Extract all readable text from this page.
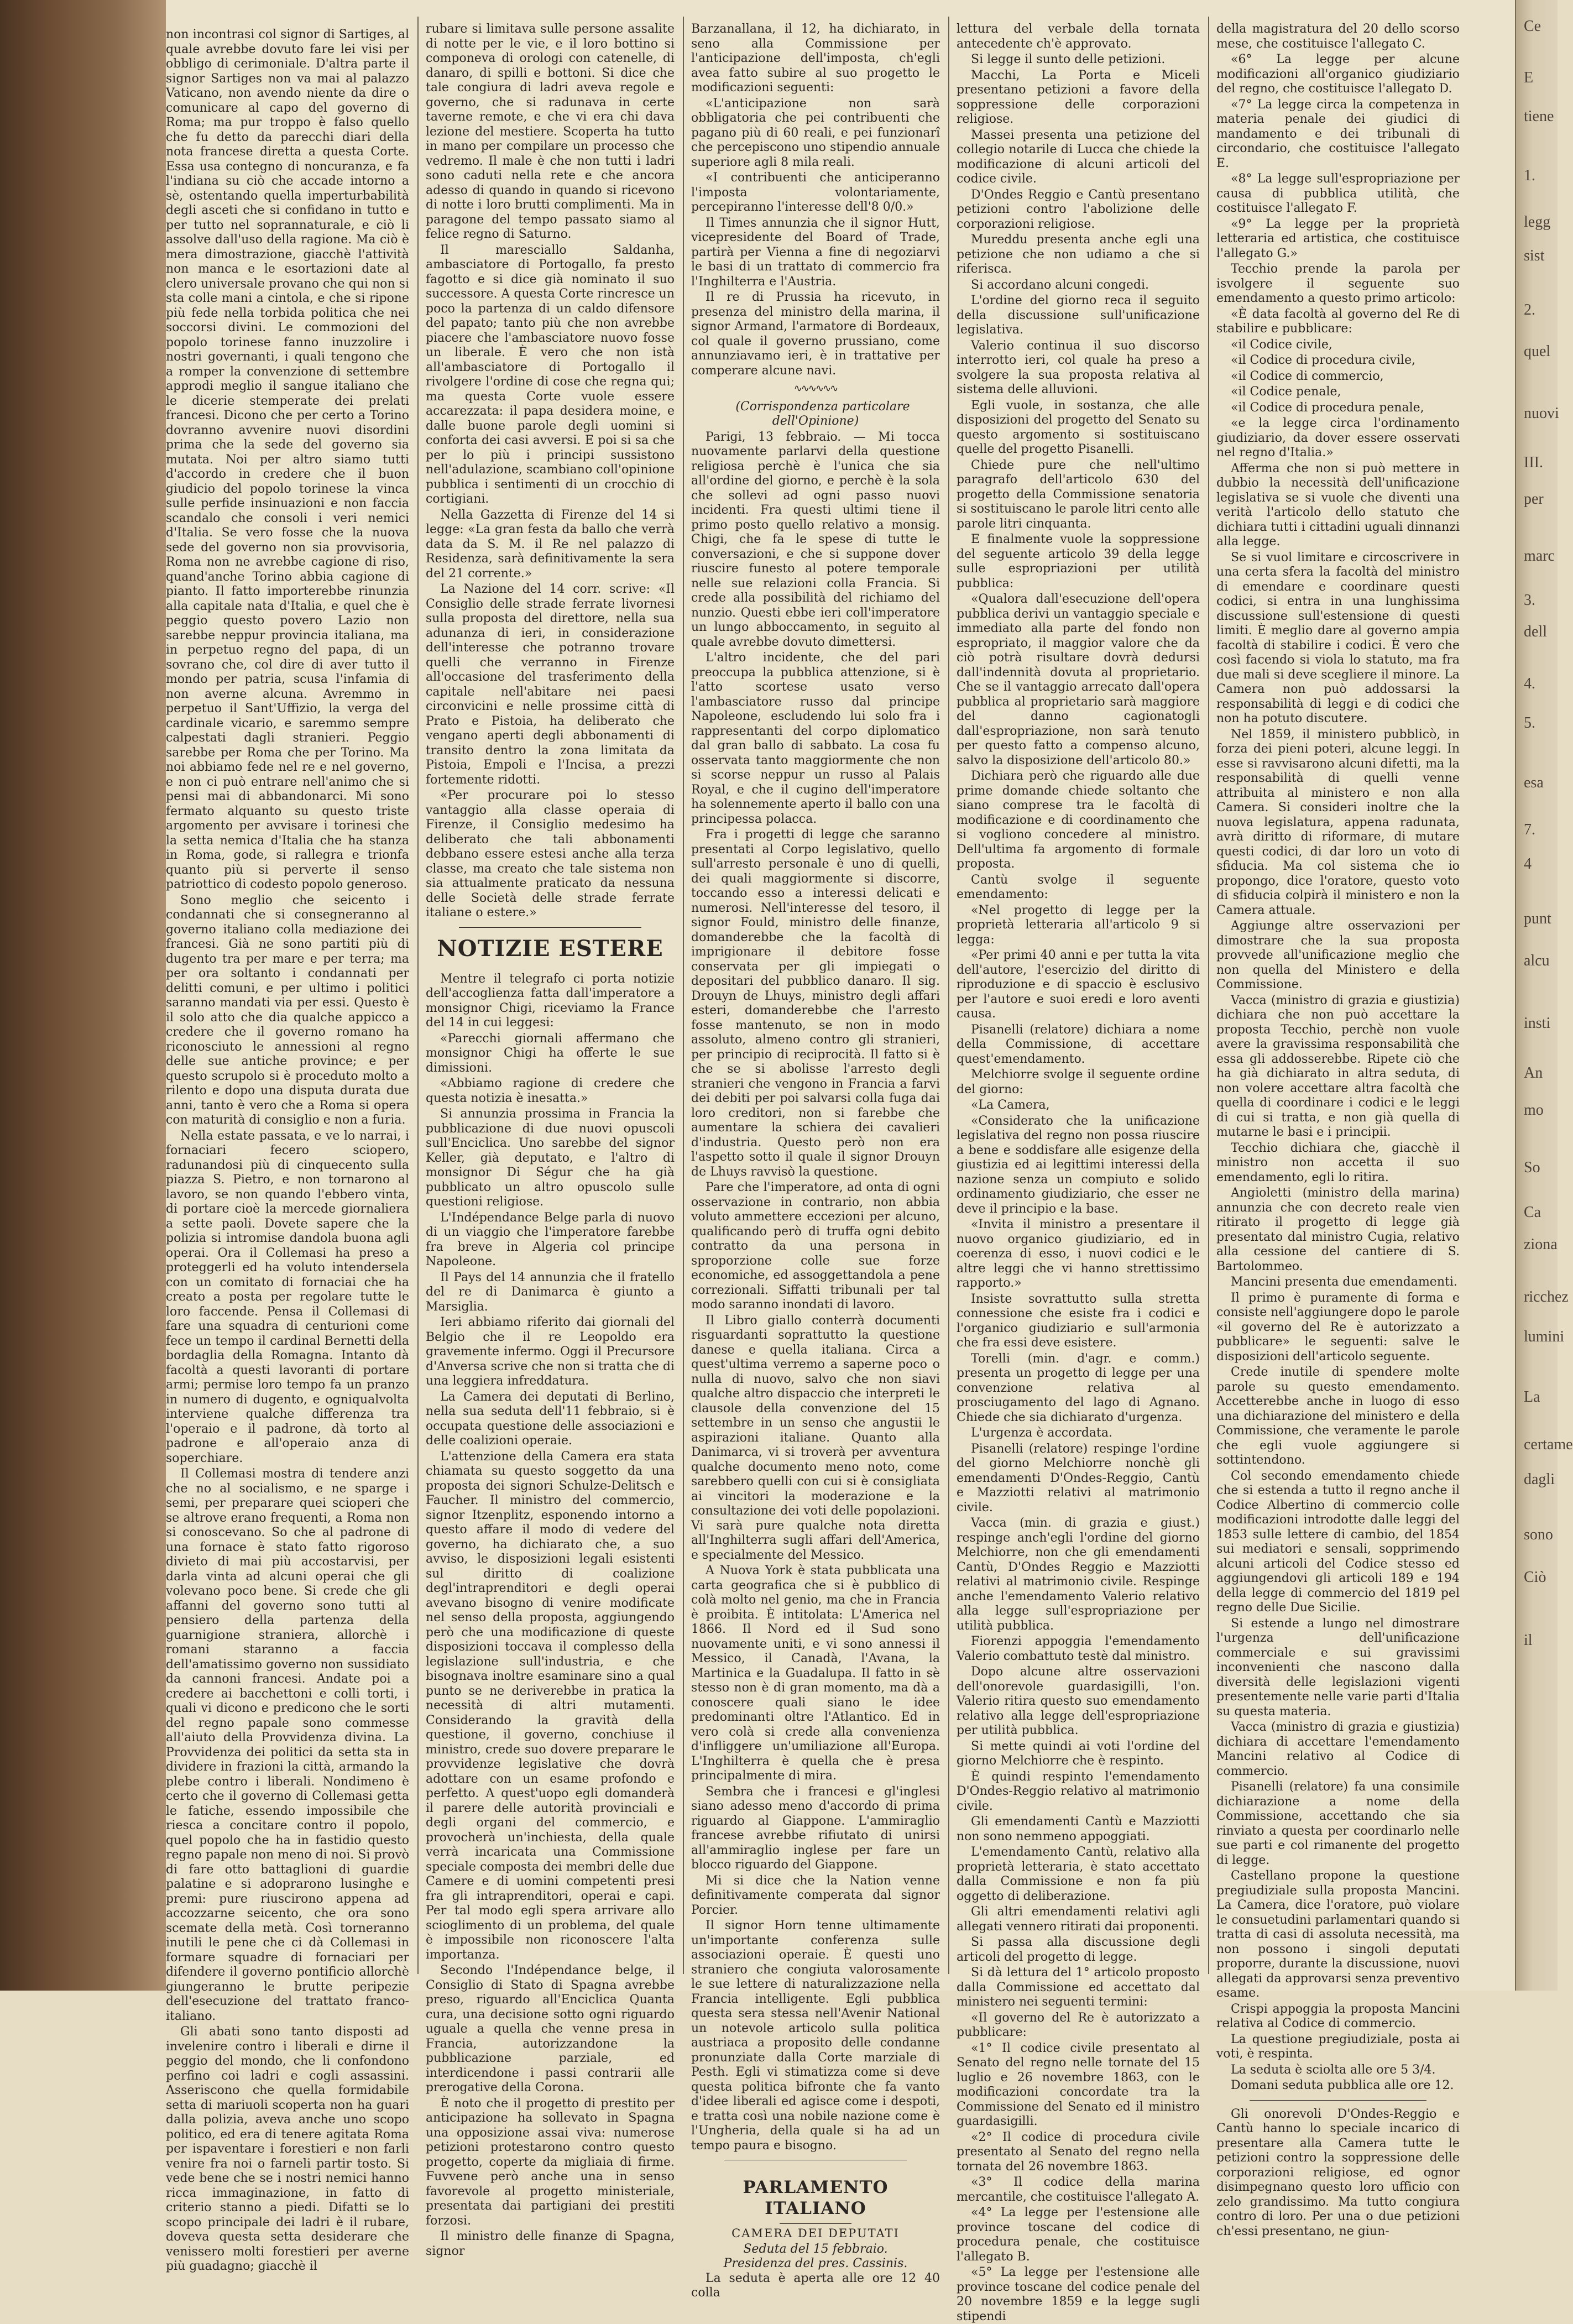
non incontrasi col signor di Sartiges, al quale avrebbe dovuto fare lei visi per obbligo di cerimoniale. D'altra parte il signor Sartiges non va mai al palazzo Vaticano, non avendo niente da dire o comunicare al capo del governo di Roma; ma pur troppo è falso quello che fu detto da parecchi diari della nota francese diretta a questa Corte. Essa usa contegno di noncuranza, e fa l'indiana su ciò che accade intorno a sè, ostentando quella imperturbabilità degli asceti che si confidano in tutto e per tutto nel soprannaturale, e ciò li assolve dall'uso della ragione. Ma ciò è mera dimostrazione, giacchè l'attività non manca e le esortazioni date al clero universale provano che qui non si sta colle mani a cintola, e che si ripone più fede nella torbida politica che nei soccorsi divini. Le commozioni del popolo torinese fanno inuzzolire i nostri governanti, i quali tengono che a romper la convenzione di settembre approdi meglio il sangue italiano che le dicerie stemperate dei prelati francesi. Dicono che per certo a Torino dovranno avvenire nuovi disordini prima che la sede del governo sia mutata. Noi per altro siamo tutti d'accordo in credere che il buon giudicio del popolo torinese la vinca sulle perfide insinuazioni e non faccia scandalo che consoli i veri nemici d'Italia. Se vero fosse che la nuova sede del governo non sia provvisoria, Roma non ne avrebbe cagione di riso, quand'anche Torino abbia cagione di pianto. Il fatto importerebbe rinunzia alla capitale nata d'Italia, e quel che è peggio questo povero Lazio non sarebbe neppur provincia italiana, ma in perpetuo regno del papa, di un sovrano che, col dire di aver tutto il mondo per patria, scusa l'infamia di non averne alcuna. Avremmo in perpetuo il Sant'Uffizio, la verga del cardinale vicario, e saremmo sempre calpestati dagli stranieri. Peggio sarebbe per Roma che per Torino. Ma noi abbiamo fede nel re e nel governo, e non ci può entrare nell'animo che si pensi mai di abbandonarci. Mi sono fermato alquanto su questo triste argomento per avvisare i torinesi che la setta nemica d'Italia che ha stanza in Roma, gode, si rallegra e trionfa quanto più si perverte il senso patriottico di codesto popolo generoso.

Sono meglio che seicento i condannati che si consegneranno al governo italiano colla mediazione dei francesi. Già ne sono partiti più di dugento tra per mare e per terra; ma per ora soltanto i condannati per delitti comuni, e per ultimo i politici saranno mandati via per essi. Questo è il solo atto che dia qualche appicco a credere che il governo romano ha riconosciuto le annessioni al regno delle sue antiche province; e per questo scrupolo si è proceduto molto a rilento e dopo una disputa durata due anni, tanto è vero che a Roma si opera con maturità di consiglio e non a furia.

Nella estate passata, e ve lo narrai, i fornaciari fecero sciopero, radunandosi più di cinquecento sulla piazza S. Pietro, e non tornarono al lavoro, se non quando l'ebbero vinta, di portare cioè la mercede giornaliera a sette paoli. Dovete sapere che la polizia si intromise dandola buona agli operai. Ora il Collemasi ha preso a proteggerli ed ha voluto intendersela con un comitato di fornaciai che ha creato a posta per regolare tutte le loro faccende. Pensa il Collemasi di fare una squadra di centurioni come fece un tempo il cardinal Bernetti della bordaglia della Romagna. Intanto dà facoltà a questi lavoranti di portare armi; permise loro tempo fa un pranzo in numero di dugento, e ogniqualvolta interviene qualche differenza tra l'operaio e il padrone, dà torto al padrone e all'operaio anza di soperchiare.

Il Collemasi mostra di tendere anzi che no al socialismo, e ne sparge i semi, per preparare quei scioperi che se altrove erano frequenti, a Roma non si conoscevano. So che al padrone di una fornace è stato fatto rigoroso divieto di mai più accostarvisi, per darla vinta ad alcuni operai che gli volevano poco bene. Si crede che gli affanni del governo sono tutti al pensiero della partenza della guarnigione straniera, allorchè i romani staranno a faccia dell'amatissimo governo non sussidiato da cannoni francesi. Andate poi a credere ai bacchettoni e colli torti, i quali vi dicono e predicono che le sorti del regno papale sono commesse all'aiuto della Provvidenza divina. La Provvidenza dei politici da setta sta in dividere in frazioni la città, armando la plebe contro i liberali. Nondimeno è certo che il governo di Collemasi getta le fatiche, essendo impossibile che riesca a concitare contro il popolo, quel popolo che ha in fastidio questo regno papale non meno di noi. Si provò di fare otto battaglioni di guardie palatine e si adoprarono lusinghe e premi: pure riuscirono appena ad accozzarne seicento, che ora sono scemate della metà. Così torneranno inutili le pene che ci dà Collemasi in formare squadre di fornaciari per difendere il governo pontificio allorchè giungeranno le brutte peripezie dell'esecuzione del trattato franco-italiano.

Gli abati sono tanto disposti ad invelenire contro i liberali e dirne il peggio del mondo, che li confondono perfino coi ladri e cogli assassini. Asseriscono che quella formidabile setta di mariuoli scoperta non ha guari dalla polizia, aveva anche uno scopo politico, ed era di tenere agitata Roma per ispaventare i forestieri e non farli venire fra noi o farneli partir tosto. Si vede bene che se i nostri nemici hanno ricca immaginazione, in fatto di criterio stanno a piedi. Difatti se lo scopo principale dei ladri è il rubare, doveva questa setta desiderare che venissero molti forestieri per averne più guadagno; giacchè il

rubare si limitava sulle persone assalite di notte per le vie, e il loro bottino si componeva di orologi con catenelle, di danaro, di spilli e bottoni. Si dice che tale congiura di ladri aveva regole e governo, che si radunava in certe taverne remote, e che vi era chi dava lezione del mestiere. Scoperta ha tutto in mano per compilare un processo che vedremo. Il male è che non tutti i ladri sono caduti nella rete e che ancora adesso di quando in quando si ricevono di notte i loro brutti complimenti. Ma in paragone del tempo passato siamo al felice regno di Saturno.

Il maresciallo Saldanha, ambasciatore di Portogallo, fa presto fagotto e si dice già nominato il suo successore. A questa Corte rincresce un poco la partenza di un caldo difensore del papato; tanto più che non avrebbe piacere che l'ambasciatore nuovo fosse un liberale. È vero che non istà all'ambasciatore di Portogallo il rivolgere l'ordine di cose che regna qui; ma questa Corte vuole essere accarezzata: il papa desidera moine, e dalle buone parole degli uomini si conforta dei casi avversi. E poi si sa che per lo più i principi sussistono nell'adulazione, scambiano coll'opinione pubblica i sentimenti di un crocchio di cortigiani.

Nella Gazzetta di Firenze del 14 si legge: «La gran festa da ballo che verrà data da S. M. il Re nel palazzo di Residenza, sarà definitivamente la sera del 21 corrente.»

La Nazione del 14 corr. scrive: «Il Consiglio delle strade ferrate livornesi sulla proposta del direttore, nella sua adunanza di ieri, in considerazione dell'interesse che potranno trovare quelli che verranno in Firenze all'occasione del trasferimento della capitale nell'abitare nei paesi circonvicini e nelle prossime città di Prato e Pistoia, ha deliberato che vengano aperti degli abbonamenti di transito dentro la zona limitata da Pistoia, Empoli e l'Incisa, a prezzi fortemente ridotti.

«Per procurare poi lo stesso vantaggio alla classe operaia di Firenze, il Consiglio medesimo ha deliberato che tali abbonamenti debbano essere estesi anche alla terza classe, ma creato che tale sistema non sia attualmente praticato da nessuna delle Società delle strade ferrate italiane o estere.»

NOTIZIE ESTERE

Mentre il telegrafo ci porta notizie dell'accoglienza fatta dall'imperatore a monsignor Chigi, riceviamo la France del 14 in cui leggesi:

«Parecchi giornali affermano che monsignor Chigi ha offerte le sue dimissioni.

«Abbiamo ragione di credere che questa notizia è inesatta.»

Si annunzia prossima in Francia la pubblicazione di due nuovi opuscoli sull'Enciclica. Uno sarebbe del signor Keller, già deputato, e l'altro di monsignor Di Ségur che ha già pubblicato un altro opuscolo sulle questioni religiose.

L'Indépendance Belge parla di nuovo di un viaggio che l'imperatore farebbe fra breve in Algeria col principe Napoleone.

Il Pays del 14 annunzia che il fratello del re di Danimarca è giunto a Marsiglia.

Ieri abbiamo riferito dai giornali del Belgio che il re Leopoldo era gravemente infermo. Oggi il Precursore d'Anversa scrive che non si tratta che di una leggiera infreddatura.

La Camera dei deputati di Berlino, nella sua seduta dell'11 febbraio, si è occupata questione delle associazioni e delle coalizioni operaie.

L'attenzione della Camera era stata chiamata su questo soggetto da una proposta dei signori Schulze-Delitsch e Faucher. Il ministro del commercio, signor Itzenplitz, esponendo intorno a questo affare il modo di vedere del governo, ha dichiarato che, a suo avviso, le disposizioni legali esistenti sul diritto di coalizione degl'intraprenditori e degli operai avevano bisogno di venire modificate nel senso della proposta, aggiungendo però che una modificazione di queste disposizioni toccava il complesso della legislazione sull'industria, e che bisognava inoltre esaminare sino a qual punto se ne deriverebbe in pratica la necessità di altri mutamenti. Considerando la gravità della questione, il governo, conchiuse il ministro, crede suo dovere preparare le provvidenze legislative che dovrà adottare con un esame profondo e perfetto. A quest'uopo egli domanderà il parere delle autorità provinciali e degli organi del commercio, e provocherà un'inchiesta, della quale verrà incaricata una Commissione speciale composta dei membri delle due Camere e di uomini competenti presi fra gli intraprenditori, operai e capi. Per tal modo egli spera arrivare allo scioglimento di un problema, del quale è impossibile non riconoscere l'alta importanza.

Secondo l'Indépendance belge, il Consiglio di Stato di Spagna avrebbe preso, riguardo all'Enciclica Quanta cura, una decisione sotto ogni riguardo uguale a quella che venne presa in Francia, autorizzandone la pubblicazione parziale, ed interdicendone i passi contrarii alle prerogative della Corona.

È noto che il progetto di prestito per anticipazione ha sollevato in Spagna una opposizione assai viva: numerose petizioni protestarono contro questo progetto, coperte da migliaia di firme. Fuvvene però anche una in senso favorevole al progetto ministeriale, presentata dai partigiani dei prestiti forzosi.

Il ministro delle finanze di Spagna, signor

Barzanallana, il 12, ha dichiarato, in seno alla Commissione per l'anticipazione dell'imposta, ch'egli avea fatto subire al suo progetto le modificazioni seguenti:

«L'anticipazione non sarà obbligatoria che pei contribuenti che pagano più di 60 reali, e pei funzionarî che percepiscono uno stipendio annuale superiore agli 8 mila reali.

«I contribuenti che anticiperanno l'imposta volontariamente, percepiranno l'interesse dell'8 0/0.»

Il Times annunzia che il signor Hutt, vicepresidente del Board of Trade, partirà per Vienna a fine di negoziarvi le basi di un trattato di commercio fra l'Inghilterra e l'Austria.

Il re di Prussia ha ricevuto, in presenza del ministro della marina, il signor Armand, l'armatore di Bordeaux, col quale il governo prussiano, come annunziavamo ieri, è in trattative per comperare alcune navi.

∿∿∿∿∿∿

(Corrispondenza particolare dell'Opinione)

Parigi, 13 febbraio. — Mi tocca nuovamente parlarvi della questione religiosa perchè è l'unica che sia all'ordine del giorno, e perchè è la sola che sollevi ad ogni passo nuovi incidenti. Fra questi ultimi tiene il primo posto quello relativo a monsig. Chigi, che fa le spese di tutte le conversazioni, e che si suppone dover riuscire funesto al potere temporale nelle sue relazioni colla Francia. Si crede alla possibilità del richiamo del nunzio. Questi ebbe ieri coll'imperatore un lungo abboccamento, in seguito al quale avrebbe dovuto dimettersi.

L'altro incidente, che del pari preoccupa la pubblica attenzione, si è l'atto scortese usato verso l'ambasciatore russo dal principe Napoleone, escludendo lui solo fra i rappresentanti del corpo diplomatico dal gran ballo di sabbato. La cosa fu osservata tanto maggiormente che non si scorse neppur un russo al Palais Royal, e che il cugino dell'imperatore ha solennemente aperto il ballo con una principessa polacca.

Fra i progetti di legge che saranno presentati al Corpo legislativo, quello sull'arresto personale è uno di quelli, dei quali maggiormente si discorre, toccando esso a interessi delicati e numerosi. Nell'interesse del tesoro, il signor Fould, ministro delle finanze, domanderebbe che la facoltà di imprigionare il debitore fosse conservata per gli impiegati o depositari del pubblico danaro. Il sig. Drouyn de Lhuys, ministro degli affari esteri, domanderebbe che l'arresto fosse mantenuto, se non in modo assoluto, almeno contro gli stranieri, per principio di reciprocità. Il fatto si è che se si abolisse l'arresto degli stranieri che vengono in Francia a farvi dei debiti per poi salvarsi colla fuga dai loro creditori, non si farebbe che aumentare la schiera dei cavalieri d'industria. Questo però non era l'aspetto sotto il quale il signor Drouyn de Lhuys ravvisò la questione.

Pare che l'imperatore, ad onta di ogni osservazione in contrario, non abbia voluto ammettere eccezioni per alcuno, qualificando però di truffa ogni debito contratto da una persona in sproporzione colle sue forze economiche, ed assoggettandola a pene correzionali. Siffatti tribunali per tal modo saranno inondati di lavoro.

Il Libro giallo conterrà documenti risguardanti soprattutto la questione danese e quella italiana. Circa a quest'ultima verremo a saperne poco o nulla di nuovo, salvo che non siavi qualche altro dispaccio che interpreti le clausole della convenzione del 15 settembre in un senso che angustii le aspirazioni italiane. Quanto alla Danimarca, vi si troverà per avventura qualche documento meno noto, come sarebbero quelli con cui si è consigliata ai vincitori la moderazione e la consultazione dei voti delle popolazioni. Vi sarà pure qualche nota diretta all'Inghilterra sugli affari dell'America, e specialmente del Messico.

A Nuova York è stata pubblicata una carta geografica che si è pubblico di colà molto nel genio, ma che in Francia è proibita. È intitolata: L'America nel 1866. Il Nord ed il Sud sono nuovamente uniti, e vi sono annessi il Messico, il Canadà, l'Avana, la Martinica e la Guadalupa. Il fatto in sè stesso non è di gran momento, ma dà a conoscere quali siano le idee predominanti oltre l'Atlantico. Ed in vero colà si crede alla convenienza d'infliggere un'umiliazione all'Europa. L'Inghilterra è quella che è presa principalmente di mira.

Sembra che i francesi e gl'inglesi siano adesso meno d'accordo di prima riguardo al Giappone. L'ammiraglio francese avrebbe rifiutato di unirsi all'ammiraglio inglese per fare un blocco riguardo del Giappone.

Mi si dice che la Nation venne definitivamente comperata dal signor Porcier.

Il signor Horn tenne ultimamente un'importante conferenza sulle associazioni operaie. È questi uno straniero che congiuta valorosamente le sue lettere di naturalizzazione nella Francia intelligente. Egli pubblica questa sera stessa nell'Avenir National un notevole articolo sulla politica austriaca a proposito delle condanne pronunziate dalla Corte marziale di Pesth. Egli vi stimatizza come si deve questa politica bifronte che fa vanto d'idee liberali ed agisce come i despoti, e tratta così una nobile nazione come è l'Ungheria, della quale si ha ad un tempo paura e bisogno.

PARLAMENTO ITALIANO
CAMERA DEI DEPUTATI
Seduta del 15 febbraio.
Presidenza del pres. Cassinis.

La seduta è aperta alle ore 12 40 colla

lettura del verbale della tornata antecedente ch'è approvato.

Si legge il sunto delle petizioni.

Macchi, La Porta e Miceli presentano petizioni a favore della soppressione delle corporazioni religiose.

Massei presenta una petizione del collegio notarile di Lucca che chiede la modificazione di alcuni articoli del codice civile.

D'Ondes Reggio e Cantù presentano petizioni contro l'abolizione delle corporazioni religiose.

Mureddu presenta anche egli una petizione che non udiamo a che si riferisca.

Si accordano alcuni congedi.

L'ordine del giorno reca il seguito della discussione sull'unificazione legislativa.

Valerio continua il suo discorso interrotto ieri, col quale ha preso a svolgere la sua proposta relativa al sistema delle alluvioni.

Egli vuole, in sostanza, che alle disposizioni del progetto del Senato su questo argomento si sostituiscano quelle del progetto Pisanelli.

Chiede pure che nell'ultimo paragrafo dell'articolo 630 del progetto della Commissione senatoria si sostituiscano le parole litri cento alle parole litri cinquanta.

E finalmente vuole la soppressione del seguente articolo 39 della legge sulle espropriazioni per utilità pubblica:

«Qualora dall'esecuzione dell'opera pubblica derivi un vantaggio speciale e immediato alla parte del fondo non espropriato, il maggior valore che da ciò potrà risultare dovrà dedursi dall'indennità dovuta al proprietario. Che se il vantaggio arrecato dall'opera pubblica al proprietario sarà maggiore del danno cagionatogli dall'espropriazione, non sarà tenuto per questo fatto a compenso alcuno, salvo la disposizione dell'articolo 80.»

Dichiara però che riguardo alle due prime domande chiede soltanto che siano comprese tra le facoltà di modificazione e di coordinamento che si vogliono concedere al ministro. Dell'ultima fa argomento di formale proposta.

Cantù svolge il seguente emendamento:

«Nel progetto di legge per la proprietà letteraria all'articolo 9 si legga:

«Per primi 40 anni e per tutta la vita dell'autore, l'esercizio del diritto di riproduzione e di spaccio è esclusivo per l'autore e suoi eredi e loro aventi causa.

Pisanelli (relatore) dichiara a nome della Commissione, di accettare quest'emendamento.

Melchiorre svolge il seguente ordine del giorno:

«La Camera,

«Considerato che la unificazione legislativa del regno non possa riuscire a bene e soddisfare alle esigenze della giustizia ed ai legittimi interessi della nazione senza un compiuto e solido ordinamento giudiziario, che esser ne deve il principio e la base.

«Invita il ministro a presentare il nuovo organico giudiziario, ed in coerenza di esso, i nuovi codici e le altre leggi che vi hanno strettissimo rapporto.»

Insiste sovrattutto sulla stretta connessione che esiste fra i codici e l'organico giudiziario e sull'armonia che fra essi deve esistere.

Torelli (min. d'agr. e comm.) presenta un progetto di legge per una convenzione relativa al prosciugamento del lago di Agnano. Chiede che sia dichiarato d'urgenza.

L'urgenza è accordata.

Pisanelli (relatore) respinge l'ordine del giorno Melchiorre nonchè gli emendamenti D'Ondes-Reggio, Cantù e Mazziotti relativi al matrimonio civile.

Vacca (min. di grazia e giust.) respinge anch'egli l'ordine del giorno Melchiorre, non che gli emendamenti Cantù, D'Ondes Reggio e Mazziotti relativi al matrimonio civile. Respinge anche l'emendamento Valerio relativo alla legge sull'espropriazione per utilità pubblica.

Fiorenzi appoggia l'emendamento Valerio combattuto testè dal ministro.

Dopo alcune altre osservazioni dell'onorevole guardasigilli, l'on. Valerio ritira questo suo emendamento relativo alla legge dell'espropriazione per utilità pubblica.

Si mette quindi ai voti l'ordine del giorno Melchiorre che è respinto.

È quindi respinto l'emendamento D'Ondes-Reggio relativo al matrimonio civile.

Gli emendamenti Cantù e Mazziotti non sono nemmeno appoggiati.

L'emendamento Cantù, relativo alla proprietà letteraria, è stato accettato dalla Commissione e non fa più oggetto di deliberazione.

Gli altri emendamenti relativi agli allegati vennero ritirati dai proponenti.

Si passa alla discussione degli articoli del progetto di legge.

Si dà lettura del 1° articolo proposto dalla Commissione ed accettato dal ministero nei seguenti termini:

«Il governo del Re è autorizzato a pubblicare:

«1° Il codice civile presentato al Senato del regno nelle tornate del 15 luglio e 26 novembre 1863, con le modificazioni concordate tra la Commissione del Senato ed il ministro guardasigilli.

«2° Il codice di procedura civile presentato al Senato del regno nella tornata del 26 novembre 1863.

«3° Il codice della marina mercantile, che costituisce l'allegato A.

«4° La legge per l'estensione alle province toscane del codice di procedura penale, che costituisce l'allegato B.

«5° La legge per l'estensione alle province toscane del codice penale del 20 novembre 1859 e la legge sugli stipendi

della magistratura del 20 dello scorso mese, che costituisce l'allegato C.

«6° La legge per alcune modificazioni all'organico giudiziario del regno, che costituisce l'allegato D.

«7° La legge circa la competenza in materia penale dei giudici di mandamento e dei tribunali di circondario, che costituisce l'allegato E.

«8° La legge sull'espropriazione per causa di pubblica utilità, che costituisce l'allegato F.

«9° La legge per la proprietà letteraria ed artistica, che costituisce l'allegato G.»

Tecchio prende la parola per isvolgere il seguente suo emendamento a questo primo articolo:

«È data facoltà al governo del Re di stabilire e pubblicare:

«il Codice civile,

«il Codice di procedura civile,

«il Codice di commercio,

«il Codice penale,

«il Codice di procedura penale,

«e la legge circa l'ordinamento giudiziario, da dover essere osservati nel regno d'Italia.»

Afferma che non si può mettere in dubbio la necessità dell'unificazione legislativa se si vuole che diventi una verità l'articolo dello statuto che dichiara tutti i cittadini uguali dinnanzi alla legge.

Se si vuol limitare e circoscrivere in una certa sfera la facoltà del ministro di emendare e coordinare questi codici, si entra in una lunghissima discussione sull'estensione di questi limiti. È meglio dare al governo ampia facoltà di stabilire i codici. È vero che così facendo si viola lo statuto, ma fra due mali si deve scegliere il minore. La Camera non può addossarsi la responsabilità di leggi e di codici che non ha potuto discutere.

Nel 1859, il ministero pubblicò, in forza dei pieni poteri, alcune leggi. In esse si ravvisarono alcuni difetti, ma la responsabilità di quelli venne attribuita al ministero e non alla Camera. Si consideri inoltre che la nuova legislatura, appena radunata, avrà diritto di riformare, di mutare questi codici, di dar loro un voto di sfiducia. Ma col sistema che io propongo, dice l'oratore, questo voto di sfiducia colpirà il ministero e non la Camera attuale.

Aggiunge altre osservazioni per dimostrare che la sua proposta provvede all'unificazione meglio che non quella del Ministero e della Commissione.

Vacca (ministro di grazia e giustizia) dichiara che non può accettare la proposta Tecchio, perchè non vuole avere la gravissima responsabilità che essa gli addosserebbe. Ripete ciò che ha già dichiarato in altra seduta, di non volere accettare altra facoltà che quella di coordinare i codici e le leggi di cui si tratta, e non già quella di mutarne le basi e i principii.

Tecchio dichiara che, giacchè il ministro non accetta il suo emendamento, egli lo ritira.

Angioletti (ministro della marina) annunzia che con decreto reale vien ritirato il progetto di legge già presentato dal ministro Cugia, relativo alla cessione del cantiere di S. Bartolommeo.

Mancini presenta due emendamenti.

Il primo è puramente di forma e consiste nell'aggiungere dopo le parole «il governo del Re è autorizzato a pubblicare» le seguenti: salve le disposizioni dell'articolo seguente.

Crede inutile di spendere molte parole su questo emendamento. Accetterebbe anche in luogo di esso una dichiarazione del ministero e della Commissione, che veramente le parole che egli vuole aggiungere si sottintendono.

Col secondo emendamento chiede che si estenda a tutto il regno anche il Codice Albertino di commercio colle modificazioni introdotte dalle leggi del 1853 sulle lettere di cambio, del 1854 sui mediatori e sensali, sopprimendo alcuni articoli del Codice stesso ed aggiungendovi gli articoli 189 e 194 della legge di commercio del 1819 pel regno delle Due Sicilie.

Si estende a lungo nel dimostrare l'urgenza dell'unificazione commerciale e sui gravissimi inconvenienti che nascono dalla diversità delle legislazioni vigenti presentemente nelle varie parti d'Italia su questa materia.

Vacca (ministro di grazia e giustizia) dichiara di accettare l'emendamento Mancini relativo al Codice di commercio.

Pisanelli (relatore) fa una consimile dichiarazione a nome della Commissione, accettando che sia rinviato a questa per coordinarlo nelle sue parti e col rimanente del progetto di legge.

Castellano propone la questione pregiudiziale sulla proposta Mancini. La Camera, dice l'oratore, può violare le consuetudini parlamentari quando si tratta di casi di assoluta necessità, ma non possono i singoli deputati proporre, durante la discussione, nuovi allegati da approvarsi senza preventivo esame.

Crispi appoggia la proposta Mancini relativa al Codice di commercio.

La questione pregiudiziale, posta ai voti, è respinta.

La seduta è sciolta alle ore 5 3/4.

Domani seduta pubblica alle ore 12.

Gli onorevoli D'Ondes-Reggio e Cantù hanno lo speciale incarico di presentare alla Camera tutte le petizioni contro la soppressione delle corporazioni religiose, ed ognor disimpegnano questo loro ufficio con zelo grandissimo. Ma tutto congiura contro di loro. Per una o due petizioni ch'essi presentano, ne giun-

Ce
E
tiene
1.
legg
sist
2.
quel
nuovi
III.
per
marc
3.
dell
4.
5.
esa
7.
4
punt
alcu
insti
An
mo
So
Ca
ziona
ricchez
lumini
La
certame
dagli
sono
Ciò
il
